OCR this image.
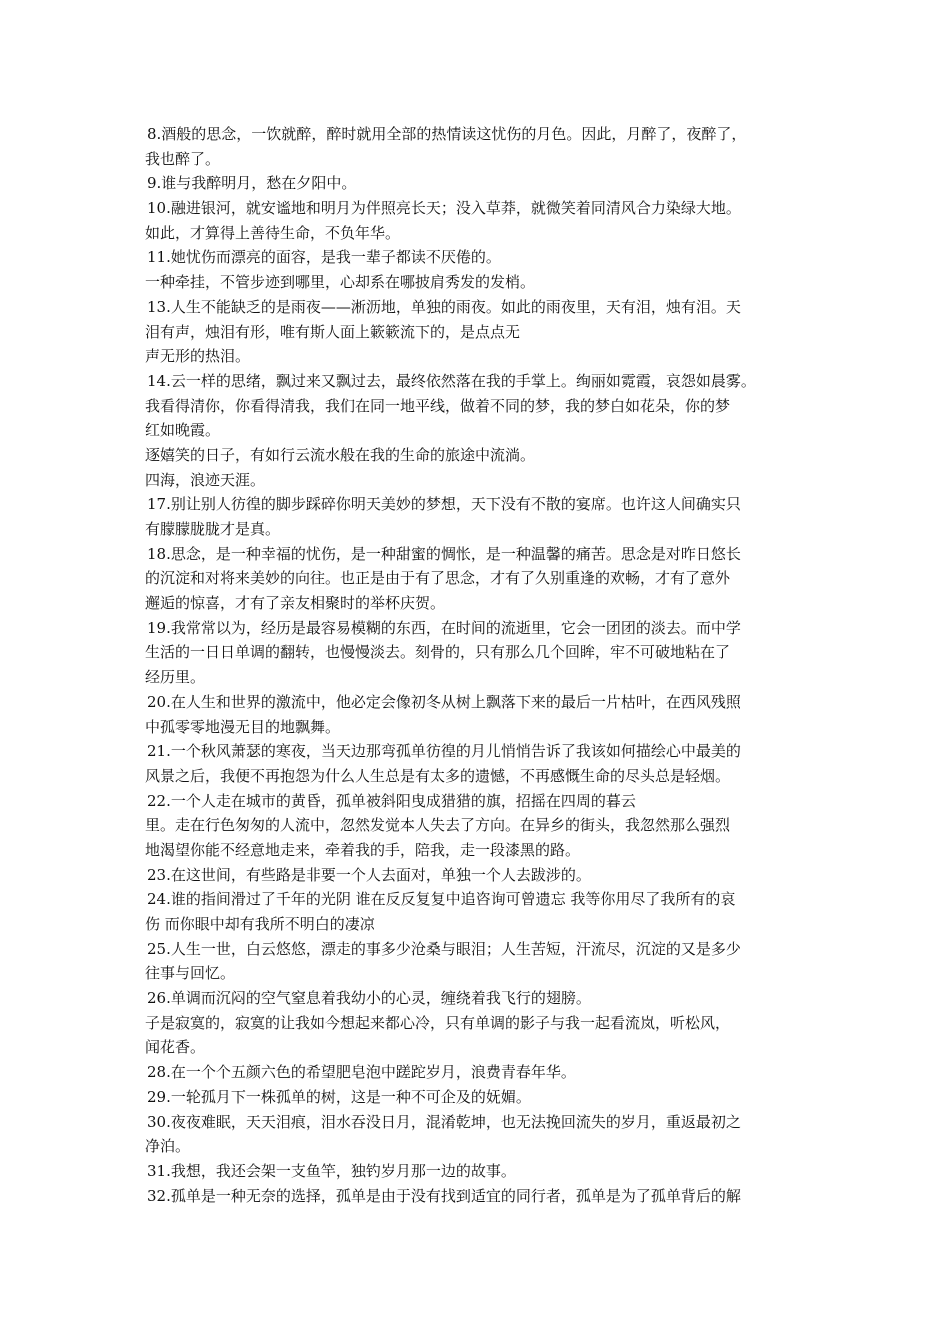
8.酒般的思念，一饮就醉，醉时就用全部的热情读这忧伤的月色。因此，月醉了，夜醉了，
我也醉了。
9.谁与我醉明月，愁在夕阳中。
10.融进银河，就安谧地和明月为伴照亮长天；没入草莽，就微笑着同清风合力染绿大地。
如此，才算得上善待生命，不负年华。
11.她忧伤而漂亮的面容，是我一辈子都读不厌倦的。
一种牵挂，不管步迹到哪里，心却系在哪披肩秀发的发梢。
13.人生不能缺乏的是雨夜——淅沥地，单独的雨夜。如此的雨夜里，天有泪，烛有泪。天
泪有声，烛泪有形，唯有斯人面上簌簌流下的，是点点无
声无形的热泪。
14.云一样的思绪，飘过来又飘过去，最终依然落在我的手掌上。绚丽如霓霞，哀怨如晨雾。
我看得清你，你看得清我，我们在同一地平线，做着不同的梦，我的梦白如花朵，你的梦
红如晚霞。
逐嬉笑的日子，有如行云流水般在我的生命的旅途中流淌。
四海，浪迹天涯。
17.别让别人彷徨的脚步踩碎你明天美妙的梦想，天下没有不散的宴席。也许这人间确实只
有朦朦胧胧才是真。
18.思念，是一种幸福的忧伤，是一种甜蜜的惆怅，是一种温馨的痛苦。思念是对昨日悠长
的沉淀和对将来美妙的向往。也正是由于有了思念，才有了久别重逢的欢畅，才有了意外
邂逅的惊喜，才有了亲友相聚时的举杯庆贺。
19.我常常以为，经历是最容易模糊的东西，在时间的流逝里，它会一团团的淡去。而中学
生活的一日日单调的翻转，也慢慢淡去。刻骨的，只有那么几个回眸，牢不可破地粘在了
经历里。
20.在人生和世界的激流中，他必定会像初冬从树上飘落下来的最后一片枯叶，在西风残照
中孤零零地漫无目的地飘舞。
21.一个秋风萧瑟的寒夜，当天边那弯孤单彷徨的月儿悄悄告诉了我该如何描绘心中最美的
风景之后，我便不再抱怨为什么人生总是有太多的遗憾，不再感慨生命的尽头总是轻烟。
22.一个人走在城市的黄昏，孤单被斜阳曳成猎猎的旗，招摇在四周的暮云
里。走在行色匆匆的人流中，忽然发觉本人失去了方向。在异乡的街头，我忽然那么强烈
地渴望你能不经意地走来，牵着我的手，陪我，走一段漆黑的路。
23.在这世间，有些路是非要一个人去面对，单独一个人去跋涉的。
24.谁的指间滑过了千年的光阴 谁在反反复复中追咨询可曾遗忘 我等你用尽了我所有的哀
伤 而你眼中却有我所不明白的凄凉
25.人生一世，白云悠悠，漂走的事多少沧桑与眼泪；人生苦短，汗流尽，沉淀的又是多少
往事与回忆。
26.单调而沉闷的空气窒息着我幼小的心灵，缠绕着我飞行的翅膀。
子是寂寞的，寂寞的让我如今想起来都心冷，只有单调的影子与我一起看流岚，听松风，
闻花香。
28.在一个个五颜六色的希望肥皂泡中蹉跎岁月，浪费青春年华。
29.一轮孤月下一株孤单的树，这是一种不可企及的妩媚。
30.夜夜难眠，天天泪痕，泪水吞没日月，混淆乾坤，也无法挽回流失的岁月，重返最初之
净泊。
31.我想，我还会架一支鱼竿，独钓岁月那一边的故事。
32.孤单是一种无奈的选择，孤单是由于没有找到适宜的同行者，孤单是为了孤单背后的解
